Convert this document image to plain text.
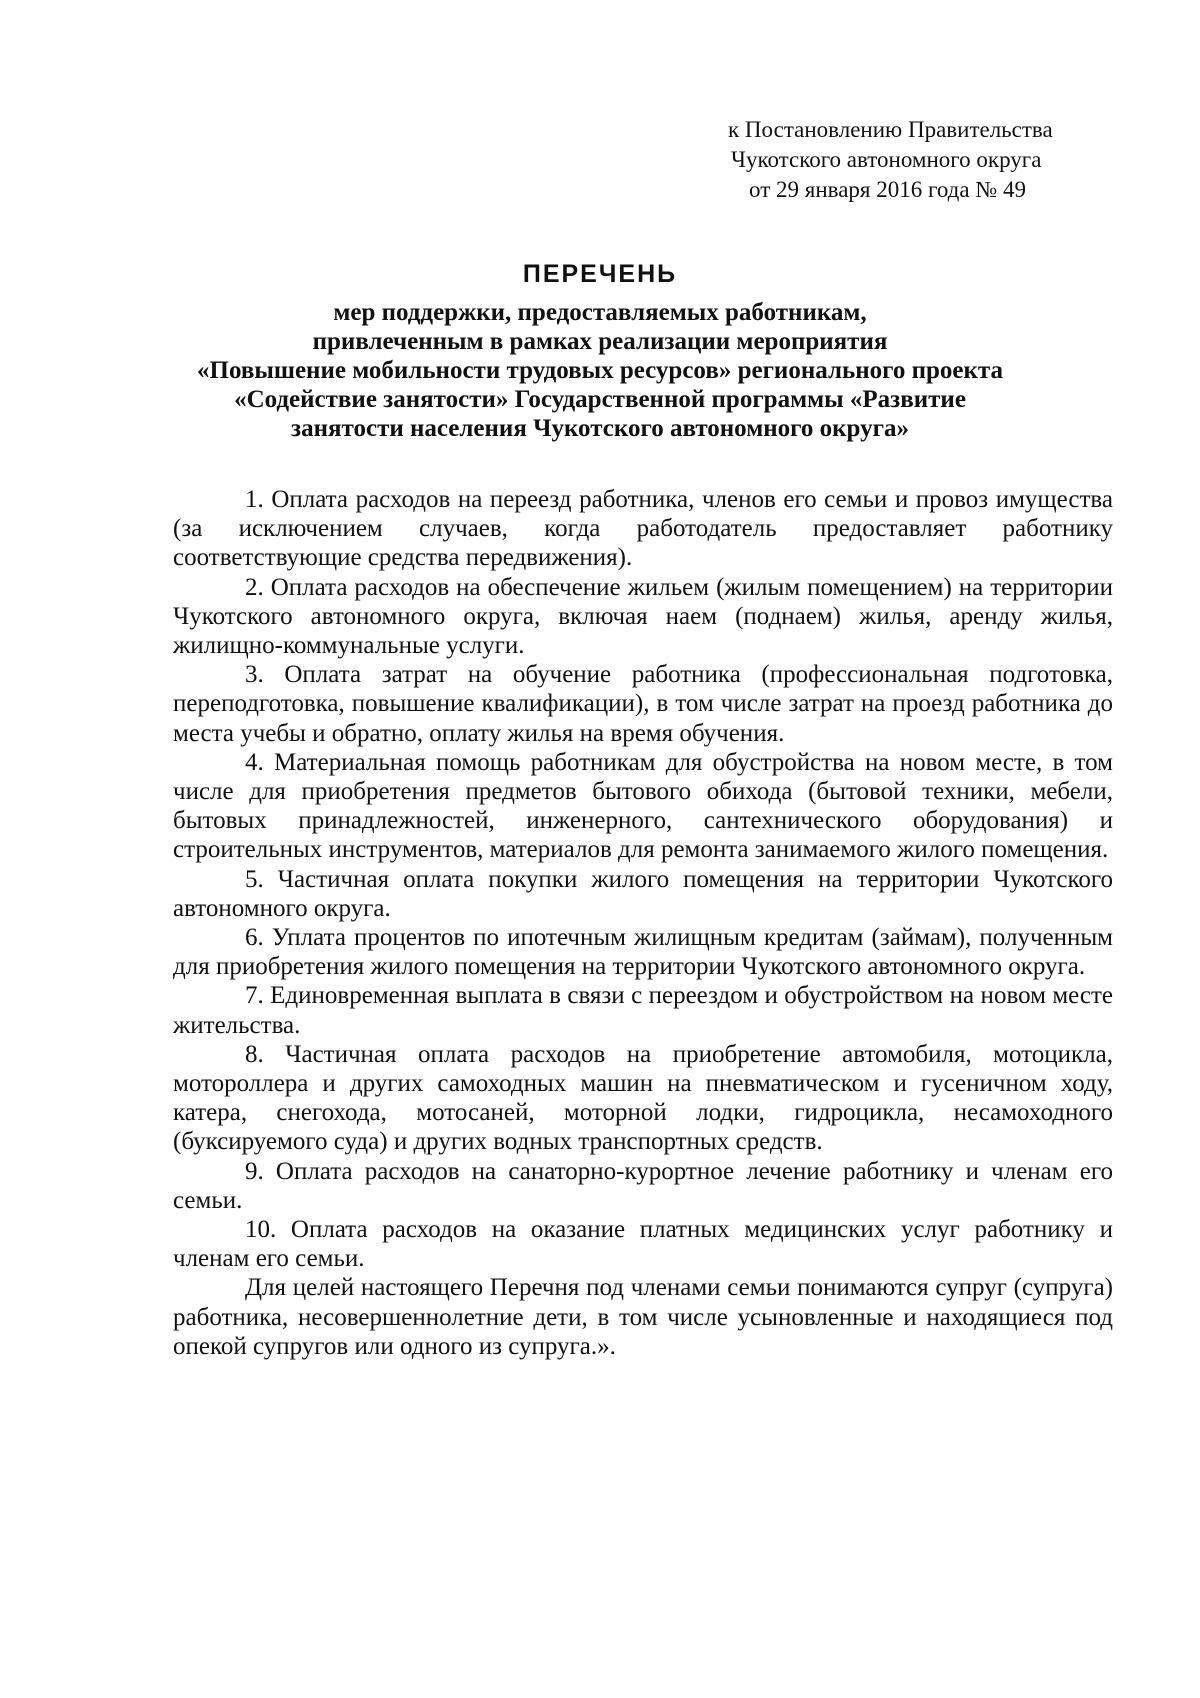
к Постановлению Правительства
Чукотского автономного округа
от 29 января 2016 года № 49
ПЕРЕЧЕНЬ
мер поддержки, предоставляемых работникам,
привлеченным в рамках реализации мероприятия
«Повышение мобильности трудовых ресурсов» регионального проекта
«Содействие занятости» Государственной программы «Развитие
занятости населения Чукотского автономного округа»

1. Оплата расходов на переезд работника, членов его семьи и провоз имущества (за исключением случаев, когда работодатель предоставляет работнику соответствующие средства передвижения).

2. Оплата расходов на обеспечение жильем (жилым помещением) на территории Чукотского автономного округа, включая наем (поднаем) жилья, аренду жилья, жилищно-коммунальные услуги.

3. Оплата затрат на обучение работника (профессиональная подготовка, переподготовка, повышение квалификации), в том числе затрат на проезд работника до места учебы и обратно, оплату жилья на время обучения.

4. Материальная помощь работникам для обустройства на новом месте, в том числе для приобретения предметов бытового обихода (бытовой техники, мебели, бытовых принадлежностей, инженерного, сантехнического оборудования) и строительных инструментов, материалов для ремонта занимаемого жилого помещения.

5. Частичная оплата покупки жилого помещения на территории Чукотского автономного округа.

6. Уплата процентов по ипотечным жилищным кредитам (займам), полученным для приобретения жилого помещения на территории Чукотского автономного округа.

7. Единовременная выплата в связи с переездом и обустройством на новом месте жительства.

8. Частичная оплата расходов на приобретение автомобиля, мотоцикла, мотороллера и других самоходных машин на пневматическом и гусеничном ходу, катера, снегохода, мотосаней, моторной лодки, гидроцикла, несамоходного (буксируемого суда) и других водных транспортных средств.

9. Оплата расходов на санаторно-курортное лечение работнику и членам его семьи.

10. Оплата расходов на оказание платных медицинских услуг работнику и членам его семьи.

Для целей настоящего Перечня под членами семьи понимаются супруг (супруга) работника, несовершеннолетние дети, в том числе усыновленные и находящиеся под опекой супругов или одного из супруга.».
